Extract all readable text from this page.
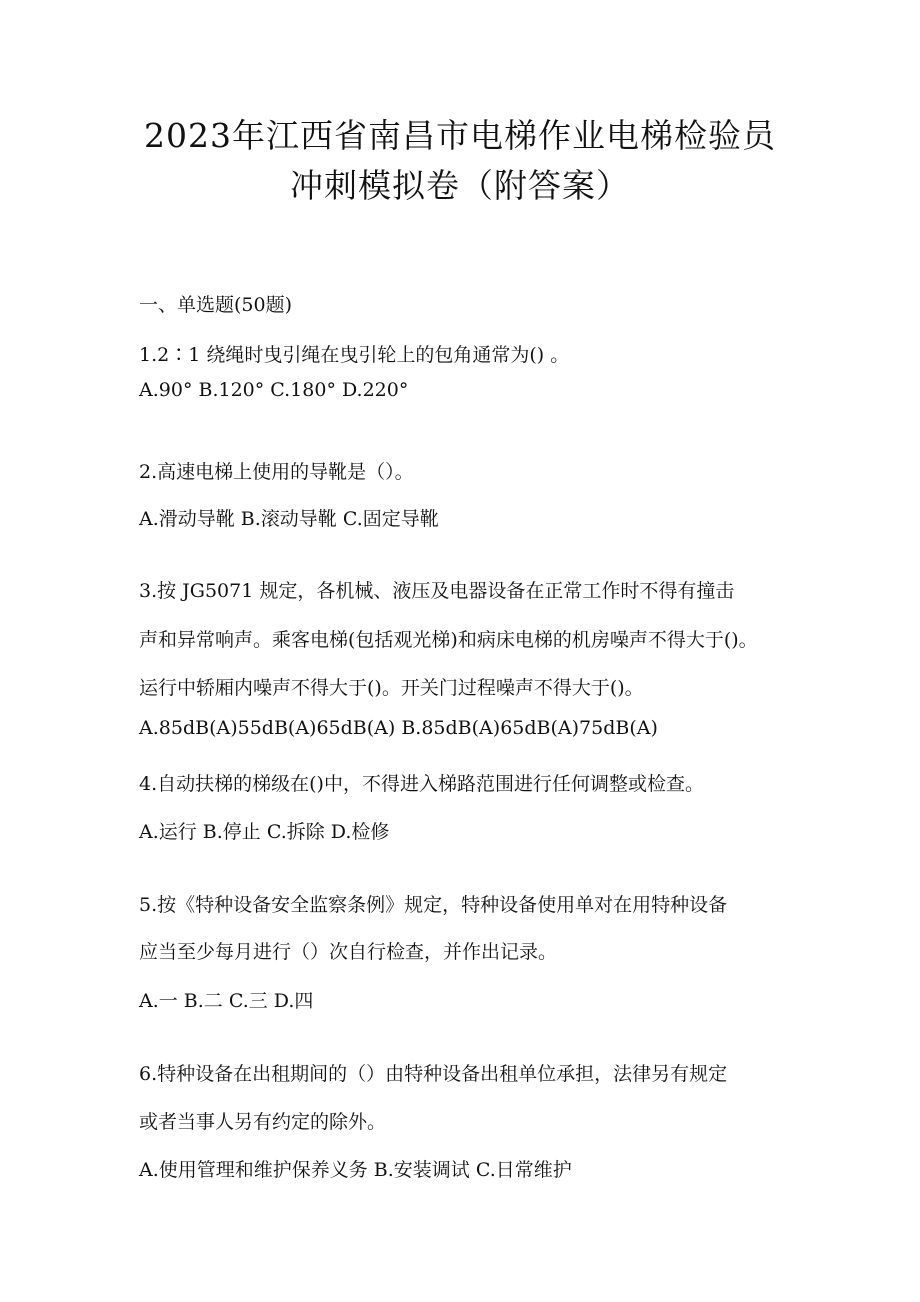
2023年江西省南昌市电梯作业电梯检验员
冲刺模拟卷（附答案）

一、单选题(50题)

1.2∶1 绕绳时曳引绳在曳引轮上的包角通常为() 。

A.90° B.120° C.180° D.220°

2.高速电梯上使用的导靴是（）。

A.滑动导靴 B.滚动导靴 C.固定导靴

3.按 JG5071 规定，各机械、液压及电器设备在正常工作时不得有撞击

声和异常响声。乘客电梯(包括观光梯)和病床电梯的机房噪声不得大于()。

运行中轿厢内噪声不得大于()。开关门过程噪声不得大于()。

A.85dB(A)55dB(A)65dB(A) B.85dB(A)65dB(A)75dB(A)

4.自动扶梯的梯级在()中，不得进入梯路范围进行任何调整或检查。

A.运行 B.停止 C.拆除 D.检修

5.按《特种设备安全监察条例》规定，特种设备使用单对在用特种设备

应当至少每月进行（）次自行检查，并作出记录。

A.一 B.二 C.三 D.四

6.特种设备在出租期间的（）由特种设备出租单位承担，法律另有规定

或者当事人另有约定的除外。

A.使用管理和维护保养义务 B.安装调试 C.日常维护
